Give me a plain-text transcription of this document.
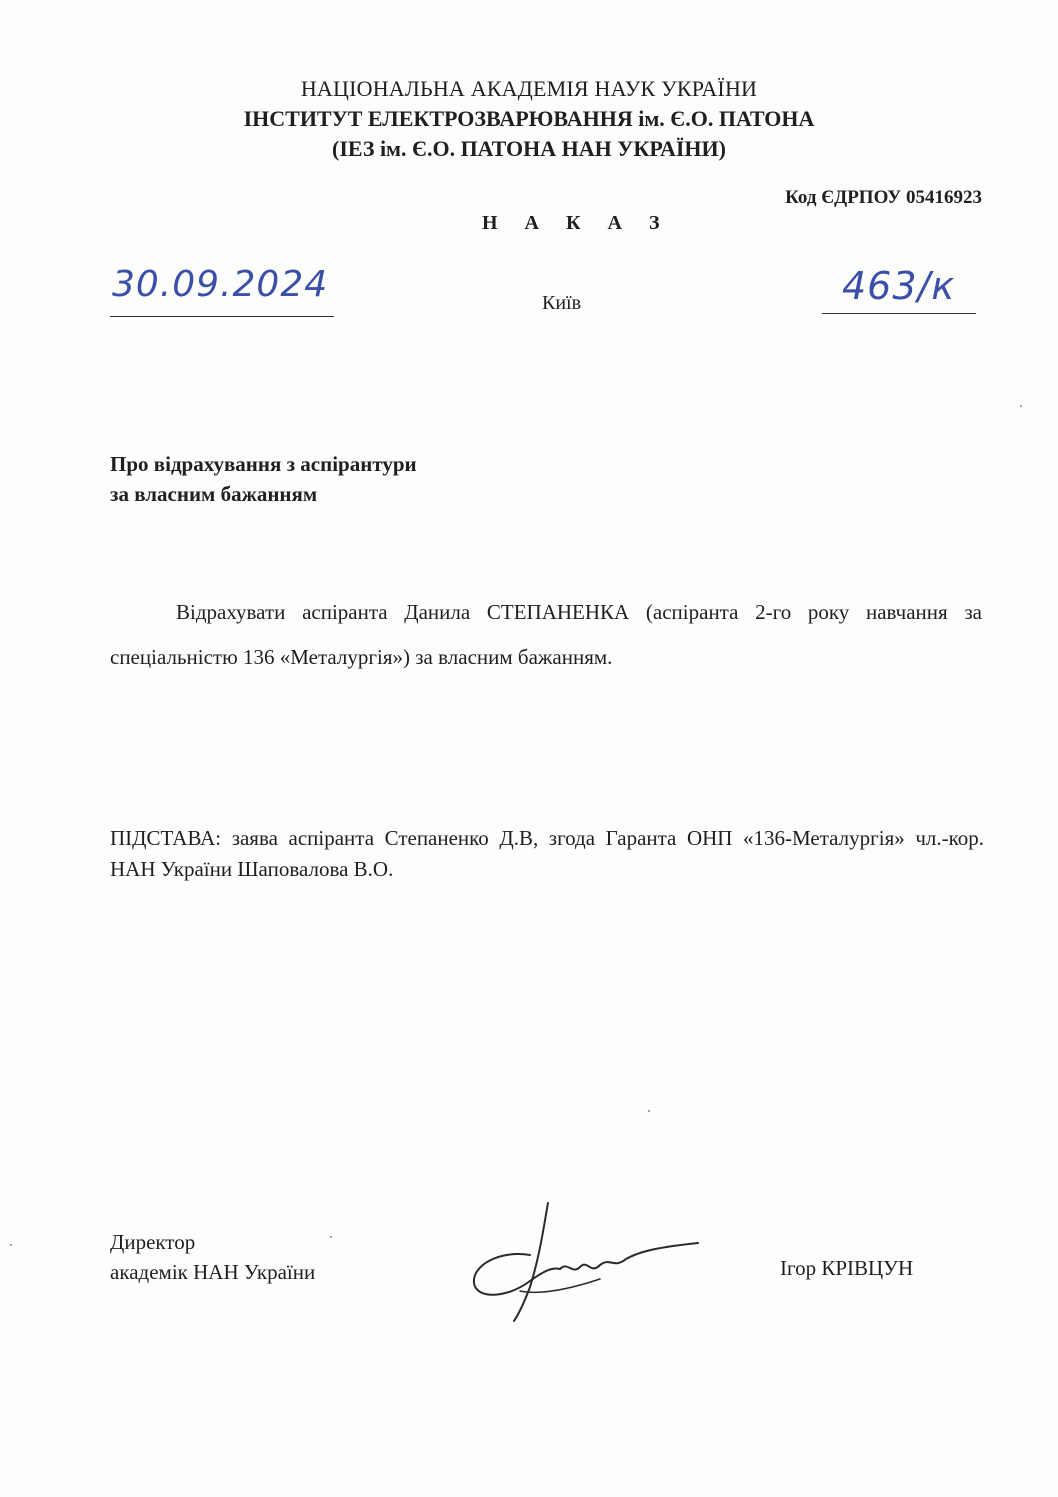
НАЦІОНАЛЬНА АКАДЕМІЯ НАУК УКРАЇНИ
ІНСТИТУТ ЕЛЕКТРОЗВАРЮВАННЯ ім. Є.О. ПАТОНА
(ІЕЗ ім. Є.О. ПАТОНА НАН УКРАЇНИ)
Код ЄДРПОУ 05416923
Н А К А З
30.09.2024	Київ	463/к
Про відрахування з аспірантури
за власним бажанням
Відрахувати аспіранта Данила СТЕПАНЕНКА (аспіранта 2-го року навчання за спеціальністю 136 «Металургія») за власним бажанням.
ПІДСТАВА: заява аспіранта Степаненко Д.В, згода Гаранта ОНП «136-Металургія» чл.-кор. НАН України Шаповалова В.О.
Директор
академік НАН України	Ігор КРІВЦУН
